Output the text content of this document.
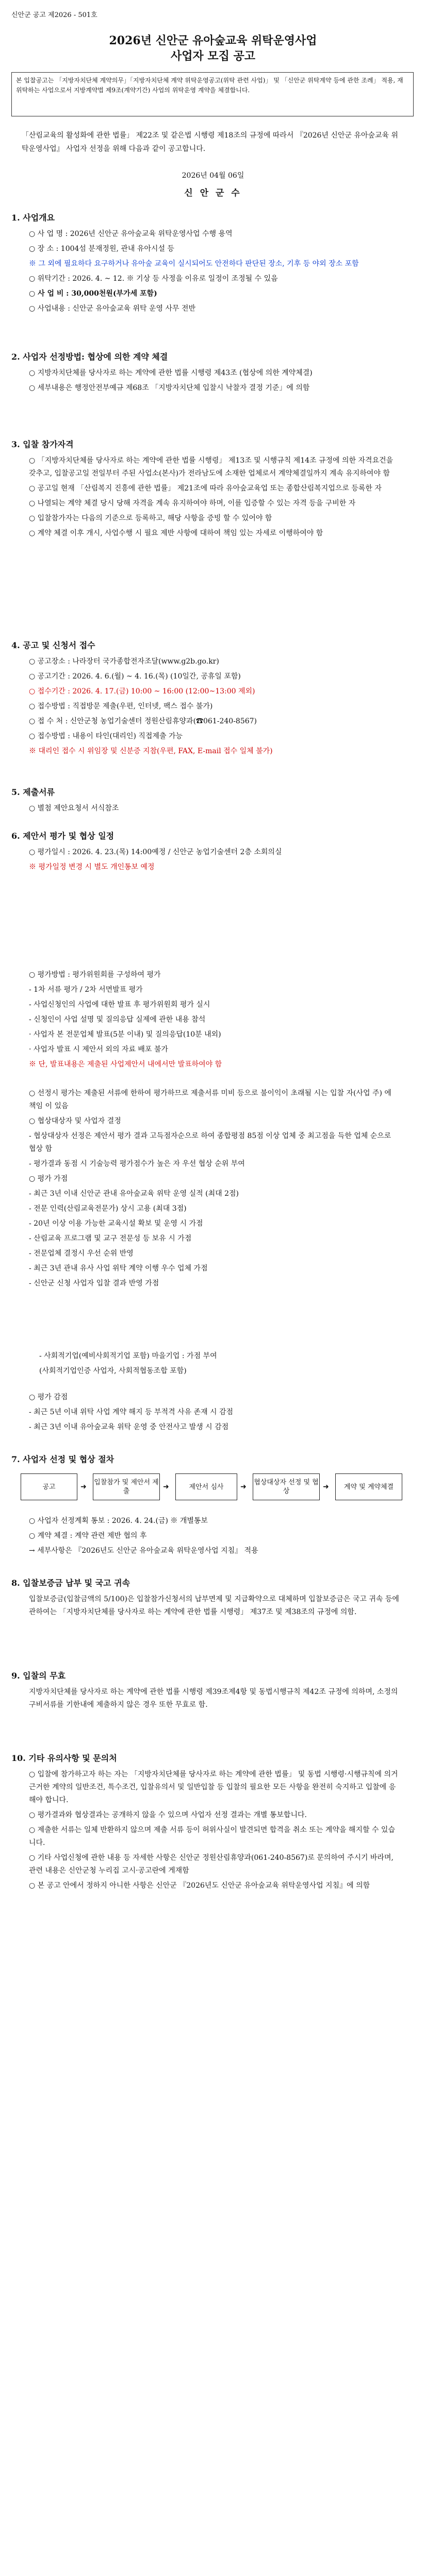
신안군 공고 제2026 - 501호
2026년 신안군 유아숲교육 위탁운영사업
사업자 모집 공고
본 입찰공고는 「지방자치단체 계약의무」「지방자치단체 계약 위탁운영공고(위탁 관련 사업)」 및 「신안군 위탁계약 등에 관한 조례」 적용, 재위탁하는 사업으로서 지방계약법 제9조(계약기간) 사업의 위탁운영 계약을 체결합니다.
「산림교육의 활성화에 관한 법률」 제22조 및 같은법 시행령 제18조의 규정에 따라서 『2026년 신안군 유아숲교육 위탁운영사업』 사업자 선정을 위해 다음과 같이 공고합니다.
2026년 04월 06일
신 안 군 수
1. 사업개요

○ 사 업 명 : 2026년 신안군 유아숲교육 위탁운영사업 수행 용역

○ 장 소 : 1004섬 분재정원, 관내 유아시설 등

※ 그 외에 필요하다 요구하거나 유아숲 교육이 실시되어도 안전하다 판단된 장소, 기후 등 야외 장소 포함

○ 위탁기간 : 2026. 4. ~ 12. ※ 기상 등 사정을 이유로 일정이 조정될 수 있음

○ 사 업 비 : 30,000천원(부가세 포함)

○ 사업내용 : 신안군 유아숲교육 위탁 운영 사무 전반

2. 사업자 선정방법: 협상에 의한 계약 체결

○ 지방자치단체를 당사자로 하는 계약에 관한 법률 시행령 제43조 (협상에 의한 계약체결)

○ 세부내용은 행정안전부예규 제68조 「지방자치단체 입찰시 낙찰자 결정 기준」에 의함

3. 입찰 참가자격

○ 「지방자치단체를 당사자로 하는 계약에 관한 법률 시행령」 제13조 및 시행규칙 제14조 규정에 의한 자격요건을 갖추고, 입찰공고일 전일부터 주된 사업소(본사)가 전라남도에 소재한 업체로서 계약체결일까지 계속 유지하여야 함

○ 공고일 현재 「산림복지 진흥에 관한 법률」 제21조에 따라 유아숲교육업 또는 종합산림복지업으로 등록한 자

○ 나열되는 계약 체결 당시 당해 자격을 계속 유지하여야 하며, 이를 입증할 수 있는 자격 등을 구비한 자

○ 입찰참가자는 다음의 기준으로 등록하고, 해당 사항을 증빙 할 수 있어야 함

○ 계약 체결 이후 개시, 사업수행 시 필요 제반 사항에 대하여 책임 있는 자세로 이행하여야 함

4. 공고 및 신청서 접수

○ 공고장소 : 나라장터 국가종합전자조달(www.g2b.go.kr)

○ 공고기간 : 2026. 4. 6.(월) ~ 4. 16.(목) (10일간, 공휴일 포함)

○ 접수기간 : 2026. 4. 17.(금) 10:00 ~ 16:00 (12:00~13:00 제외)

○ 접수방법 : 직접방문 제출(우편, 인터넷, 팩스 접수 불가)

○ 접 수 처 : 신안군청 농업기술센터 정원산림휴양과(☎061-240-8567)

○ 접수방법 : 내용이 타인(대리인) 직접제출 가능

※ 대리인 접수 시 위임장 및 신분증 지참(우편, FAX, E-mail 접수 일체 불가)

5. 제출서류

○ 별첨 제안요청서 서식참조

6. 제안서 평가 및 협상 일정

○ 평가일시 : 2026. 4. 23.(목) 14:00예정 / 신안군 농업기술센터 2층 소회의실

※ 평가일정 변경 시 별도 개인통보 예정

○ 평가방법 : 평가위원회를 구성하여 평가

- 1차 서류 평가 / 2차 서면발표 평가

- 사업신청인의 사업에 대한 발표 후 평가위원회 평가 실시

- 신청인이 사업 설명 및 질의응답 실제에 관한 내용 참석

· 사업자 본 전문업체 발표(5분 이내) 및 질의응답(10분 내외)

· 사업자 발표 시 제안서 외의 자료 배포 불가

※ 단, 발표내용은 제출된 사업제안서 내에서만 발표하여야 함

○ 선정시 평가는 제출된 서류에 한하여 평가하므로 제출서류 미비 등으로 불이익이 초래될 시는 입찰 자(사업 주) 에 책임 이 있음

○ 협상대상자 및 사업자 결정

- 협상대상자 선정은 제안서 평가 결과 고득점자순으로 하여 종합평점 85점 이상 업체 중 최고점을 득한 업체 순으로 협상 함

- 평가결과 동점 시 기술능력 평가점수가 높은 자 우선 협상 순위 부여

○ 평가 가점

- 최근 3년 이내 신안군 관내 유아숲교육 위탁 운영 실적 (최대 2점)

- 전문 인력(산림교육전문가) 상시 고용 (최대 3점)

- 20년 이상 이용 가능한 교육시설 확보 및 운영 시 가점

- 산림교육 프로그램 및 교구 전문성 등 보유 시 가점

- 전문업체 결정시 우선 순위 반영

- 최근 3년 관내 유사 사업 위탁 계약 이행 우수 업체 가점

- 신안군 신청 사업자 입찰 결과 반영 가점

- 사회적기업(예비사회적기업 포함) 마을기업 : 가점 부여

(사회적기업인증 사업자, 사회적협동조합 포함)

○ 평가 감점

- 최근 5년 이내 위탁 사업 계약 해지 등 부적격 사유 존재 시 감점

- 최근 3년 이내 유아숲교육 위탁 운영 중 안전사고 발생 시 감점

7. 사업자 선정 및 협상 절차
공고	➜
입찰참가 및 제안서 제출
➜	제안서 심사	➜
협상대상자 선정 및 협상
➜	계약 및 계약체결

○ 사업자 선정계획 통보 : 2026. 4. 24.(금) ※ 개별통보

○ 계약 체결 : 계약 관련 제반 협의 후

→ 세부사항은 『2026년도 신안군 유아숲교육 위탁운영사업 지침』 적용

8. 입찰보증금 납부 및 국고 귀속
입찰보증금(입찰금액의 5/100)은 입찰참가신청서의 납부면제 및 지급확약으로 대체하며 입찰보증금은 국고 귀속 등에 관하여는 「지방자치단체를 당사자로 하는 계약에 관한 법률 시행령」 제37조 및 제38조의 규정에 의함.
9. 입찰의 무효
지방자치단체를 당사자로 하는 계약에 관한 법률 시행령 제39조제4항 및 동법시행규칙 제42조 규정에 의하며, 소정의 구비서류를 기한내에 제출하지 않은 경우 또한 무효로 함.
10. 기타 유의사항 및 문의처

○ 입찰에 참가하고자 하는 자는 「지방자치단체를 당사자로 하는 계약에 관한 법률」 및 동법 시행령·시행규칙에 의거 근거한 계약의 일반조건, 특수조건, 입찰유의서 및 일반입찰 등 입찰의 필요한 모든 사항을 완전히 숙지하고 입찰에 응해야 합니다.

○ 평가결과와 협상결과는 공개하지 않을 수 있으며 사업자 선정 결과는 개별 통보합니다.

○ 제출한 서류는 일체 반환하지 않으며 제출 서류 등이 허위사실이 발견되면 합격을 취소 또는 계약을 해지할 수 있습니다.

○ 기타 사업신청에 관한 내용 등 자세한 사항은 신안군 정원산림휴양과(061-240-8567)로 문의하여 주시기 바라며, 관련 내용은 신안군청 누리집 고시·공고란에 게재함

○ 본 공고 안에서 정하지 아니한 사항은 신안군 『2026년도 신안군 유아숲교육 위탁운영사업 지침』에 의함
